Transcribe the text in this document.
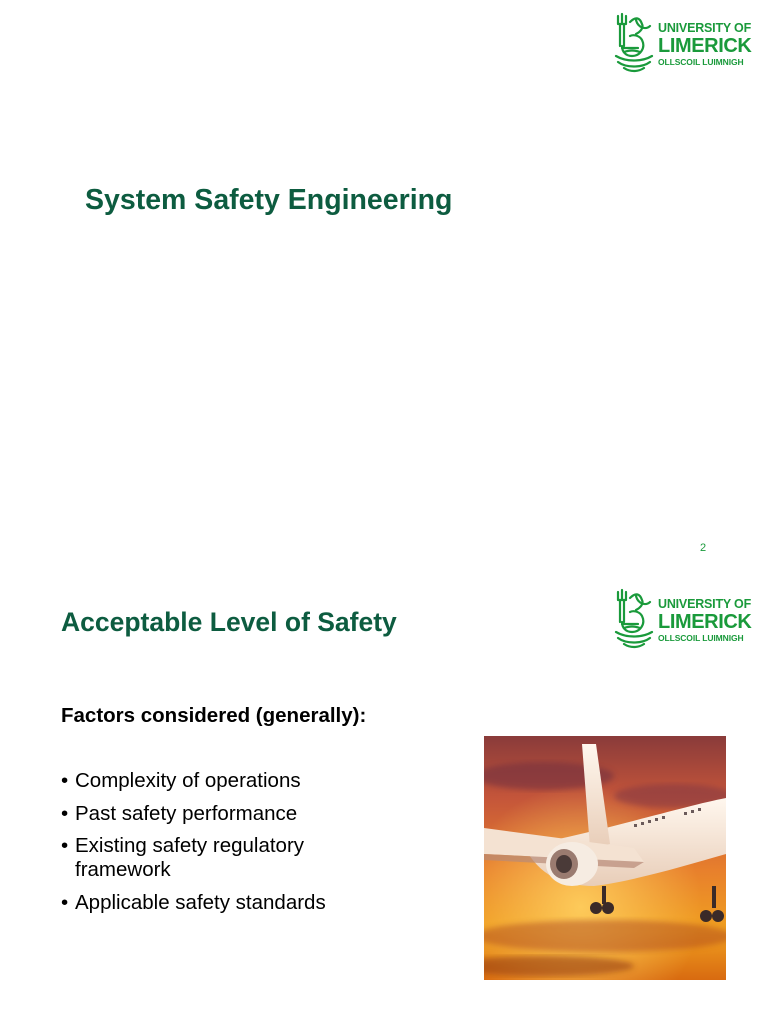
UNIVERSITY OF
LIMERICK
OLLSCOIL LUIMNIGH
System Safety Engineering
2
UNIVERSITY OF
LIMERICK
OLLSCOIL LUIMNIGH
Acceptable Level of Safety
Factors considered (generally):
• Complexity of operations
• Past safety performance
• Existing safety regulatory framework
• Applicable safety standards
